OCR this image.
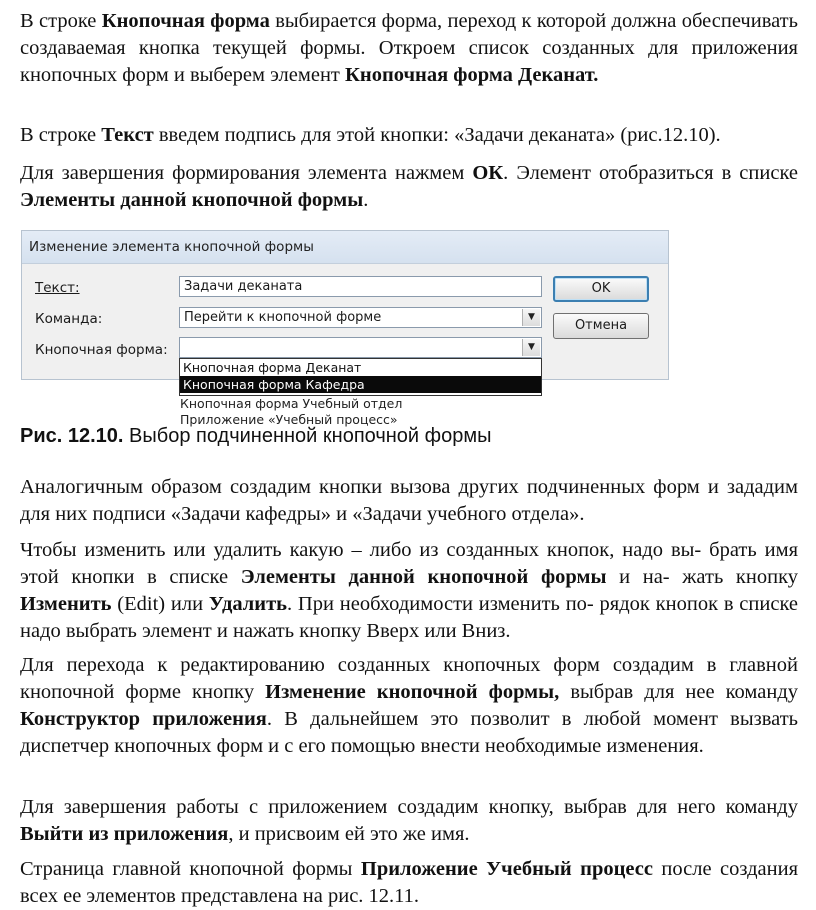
В строке Кнопочная форма выбирается форма, переход к которой должна обеспечивать создаваемая кнопка текущей формы. Откроем список созданных для приложения кнопочных форм и выберем элемент Кнопочная форма Деканат.

В строке Текст введем подпись для этой кнопки: «Задачи деканата» (рис.12.10).

Для завершения формирования элемента нажмем ОК. Элемент отобразиться в списке Элементы данной кнопочной формы.

Изменение элемента кнопочной формы
Текст:	Задачи деканата
Команда:	Перейти к кнопочной форме	▼
Кнопочная форма:	▼
OK
Отмена
Кнопочная форма Деканат
Кнопочная форма Кафедра
Кнопочная форма Учебный отдел
Приложение «Учебный процесс»
Рис. 12.10. Выбор подчиненной кнопочной формы

Аналогичным образом создадим кнопки вызова других подчиненных форм и зададим для них подписи «Задачи кафедры» и «Задачи учебного отдела».

Чтобы изменить или удалить какую – либо из созданных кнопок, надо вы- брать имя этой кнопки в списке Элементы данной кнопочной формы и на- жать кнопку Изменить (Edit) или Удалить. При необходимости изменить по- рядок кнопок в списке надо выбрать элемент и нажать кнопку Вверх или Вниз.

Для перехода к редактированию созданных кнопочных форм создадим в главной кнопочной форме кнопку Изменение кнопочной формы, выбрав для нее команду Конструктор приложения. В дальнейшем это позволит в любой момент вызвать диспетчер кнопочных форм и с его помощью внести необходимые изменения.

Для завершения работы с приложением создадим кнопку, выбрав для него команду Выйти из приложения, и присвоим ей это же имя.

Страница главной кнопочной формы Приложение Учебный процесс после создания всех ее элементов представлена на рис. 12.11.
